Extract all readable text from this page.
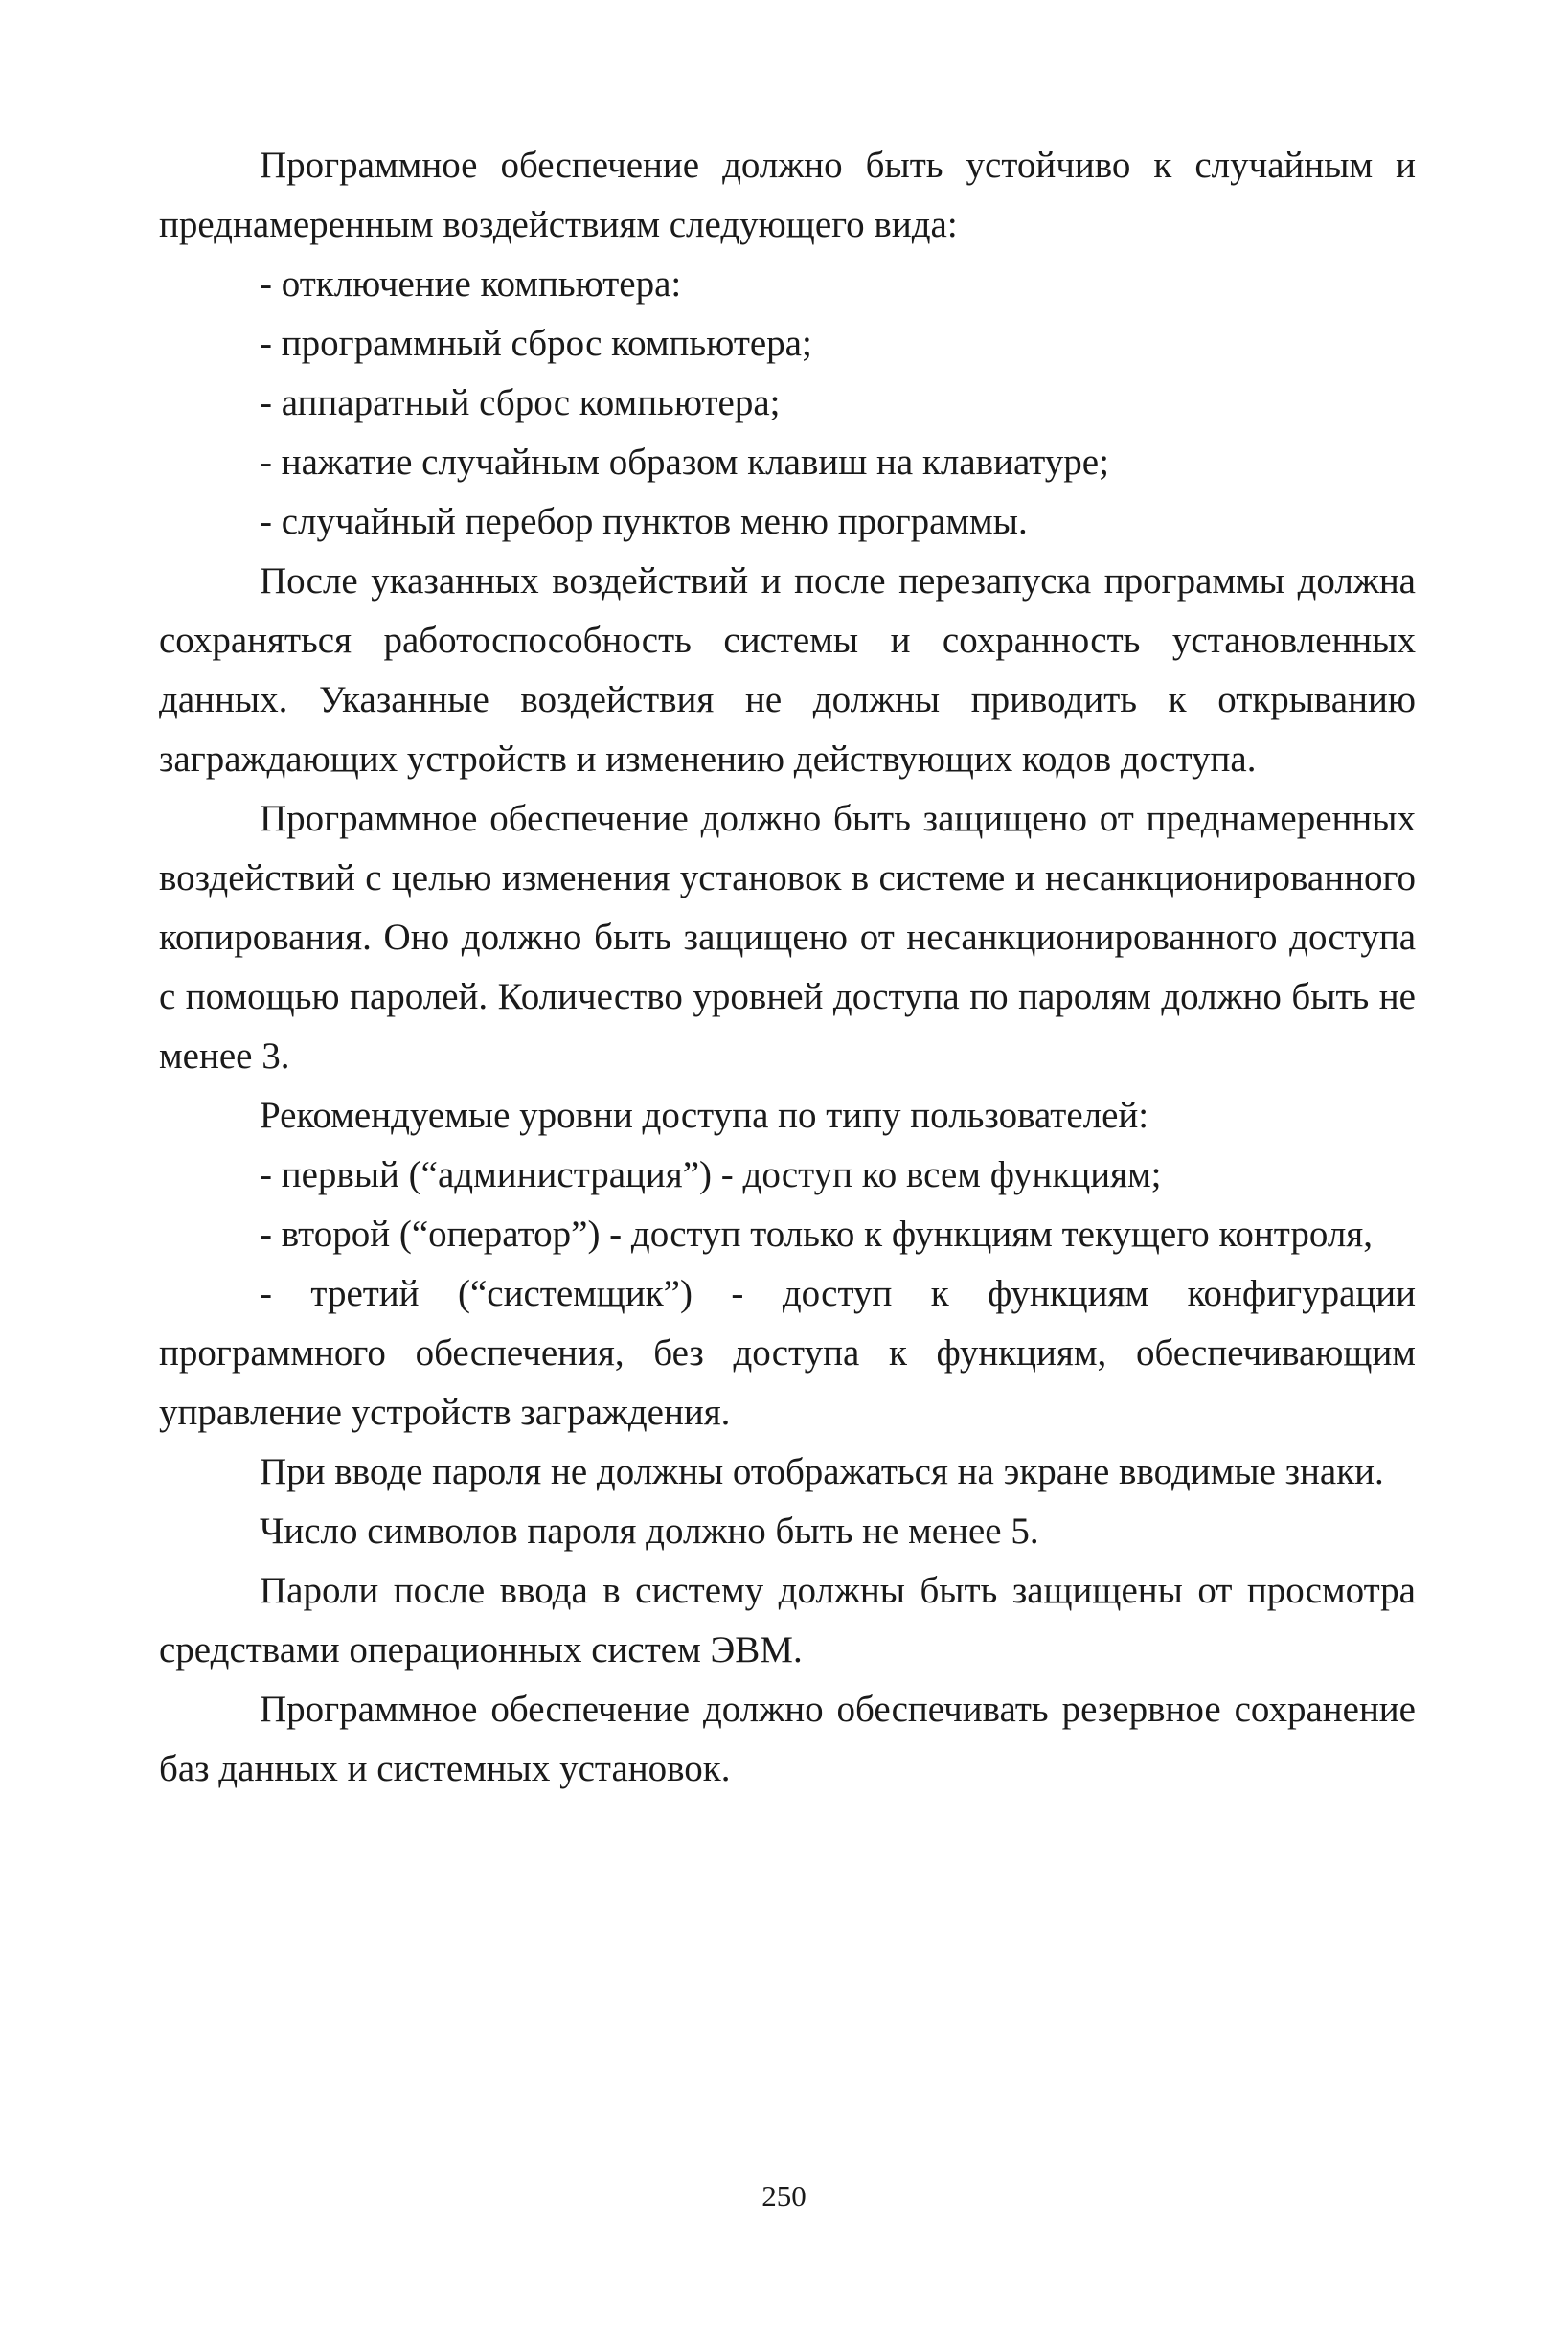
Программное обеспечение должно быть устойчиво к случайным и преднамеренным воздействиям следующего вида:

- отключение компьютера:

- программный сброс компьютера;

- аппаратный сброс компьютера;

- нажатие случайным образом клавиш на клавиатуре;

- случайный перебор пунктов меню программы.

После указанных воздействий и после перезапуска программы должна сохраняться работоспособность системы и сохранность установленных данных. Указанные воздействия не должны приводить к открыванию заграждающих устройств и изменению действующих кодов доступа.

Программное обеспечение должно быть защищено от преднамеренных воздействий с целью изменения установок в системе и несанкционированного копирования. Оно должно быть защищено от несанкционированного доступа с помощью паролей. Количество уровней доступа по паролям должно быть не менее 3.

Рекомендуемые уровни доступа по типу пользователей:

- первый (“администрация”) - доступ ко всем функциям;

- второй (“оператор”) - доступ только к функциям текущего контроля,

- третий (“системщик”) - доступ к функциям конфигурации программного обеспечения, без доступа к функциям, обеспечивающим управление устройств заграждения.

При вводе пароля не должны отображаться на экране вводимые знаки.

Число символов пароля должно быть не менее 5.

Пароли после ввода в систему должны быть защищены от просмотра средствами операционных систем ЭВМ.

Программное обеспечение должно обеспечивать резервное сохранение баз данных и системных установок.

250
